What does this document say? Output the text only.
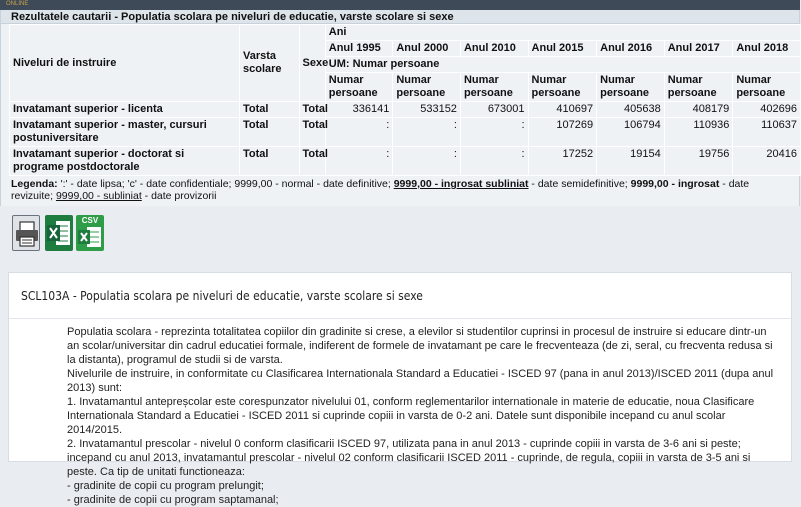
ONLINE
Rezultatele cautarii - Populatia scolara pe niveluri de educatie, varste scolare si sexe
Niveluri de instruire	Varsta scolare	Sexe	Ani						
			Anul 1995	Anul 2000	Anul 2010	Anul 2015	Anul 2016	Anul 2017	Anul 2018
			UM: Numar persoane						
			Numar persoane	Numar persoane	Numar persoane	Numar persoane	Numar persoane	Numar persoane	Numar persoane
Invatamant superior - licenta	Total	Total	336141	533152	673001	410697	405638	408179	402696
Invatamant superior - master, cursuri postuniversitare	Total	Total	:	:	:	107269	106794	110936	110637
Invatamant superior - doctorat si programe postdoctorale	Total	Total	:	:	:	17252	19154	19756	20416
Legenda: ':' - date lipsa; 'c' - date confidentiale; 9999,00 - normal - date definitive; 9999,00 - ingrosat subliniat - date semidefinitive; 9999,00 - ingrosat - date revizuite; 9999,00 - subliniat - date provizorii
CSV
SCL103A - Populatia scolara pe niveluri de educatie, varste scolare si sexe

Populatia scolara - reprezinta totalitatea copiilor din gradinite si crese, a elevilor si studentilor cuprinsi in procesul de instruire si educare dintr-un an scolar/universitar din cadrul educatiei formale, indiferent de formele de invatamant pe care le frecventeaza (de zi, seral, cu frecventa redusa si la distanta), programul de studii si de varsta.

Nivelurile de instruire, in conformitate cu Clasificarea Internationala Standard a Educatiei - ISCED 97 (pana in anul 2013)/ISCED 2011 (dupa anul 2013) sunt:

1. Invatamantul antepreșcolar este corespunzator nivelului 01, conform reglementarilor internationale in materie de educatie, noua Clasificare Internationala Standard a Educatiei - ISCED 2011 si cuprinde copiii in varsta de 0-2 ani. Datele sunt disponibile incepand cu anul scolar 2014/2015.

2. Invatamantul prescolar - nivelul 0 conform clasificarii ISCED 97, utilizata pana in anul 2013 - cuprinde copiii in varsta de 3-6 ani si peste; incepand cu anul 2013, invatamantul prescolar - nivelul 02 conform clasificarii ISCED 2011 - cuprinde, de regula, copiii in varsta de 3-5 ani si peste. Ca tip de unitati functioneaza:

- gradinite de copii cu program prelungit;

- gradinite de copii cu program saptamanal;
